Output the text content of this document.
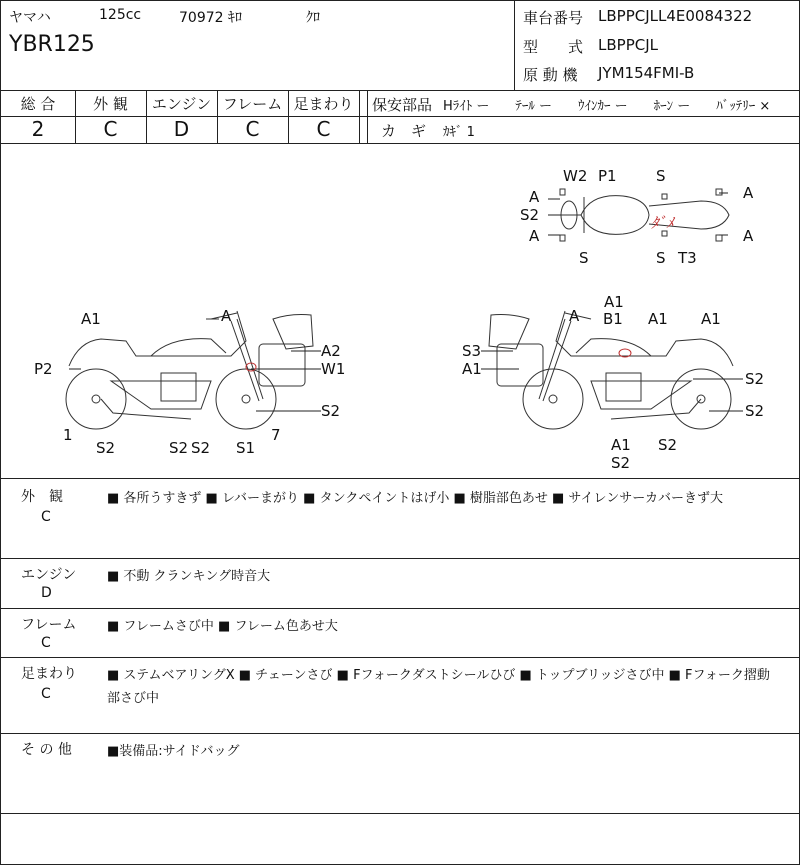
ヤマハ	125cc	70972 ｷﾛ	ｸﾛ
YBR125
車台番号 LBPPCJLL4E0084322
型　　式 LBPPCJL
原 動 機 JYM154FMI-B
総 合	外 観	エンジン フレーム 足まわり
2	C	D	C	C
保安部品 Hﾗｲﾄ ー　　ﾃｰﾙ ー　　ｳｲﾝｶｰ ー　　ﾎｰﾝ ー　　ﾊﾞｯﾃﾘｰ ×
カ　ギ ｶｷﾞ 1
ﾀﾞﾒ
W2 P1	S
A	A
S2
A	A
S	S T3
A1	A
A2
P2	W1
S2
1
S2	S2 S2 S1
7
A1
A B1 A1 A1
S3
A1
S2
S2
A1 S2
S2
外　観
C
■ 各所うすきず ■ レバーまがり ■ タンクペイントはげ小 ■ 樹脂部色あせ ■ サイレンサーカバーきず大
エンジン
D
■ 不動 クランキング時音大
フレーム
C
■ フレームさび中 ■ フレーム色あせ大
足まわり
C
■ ステムベアリングX ■ チェーンさび ■ Fフォークダストシールひび ■ トップブリッジさび中 ■ Fフォーク摺動
部さび中
そ の 他	■装備品:サイドバッグ
